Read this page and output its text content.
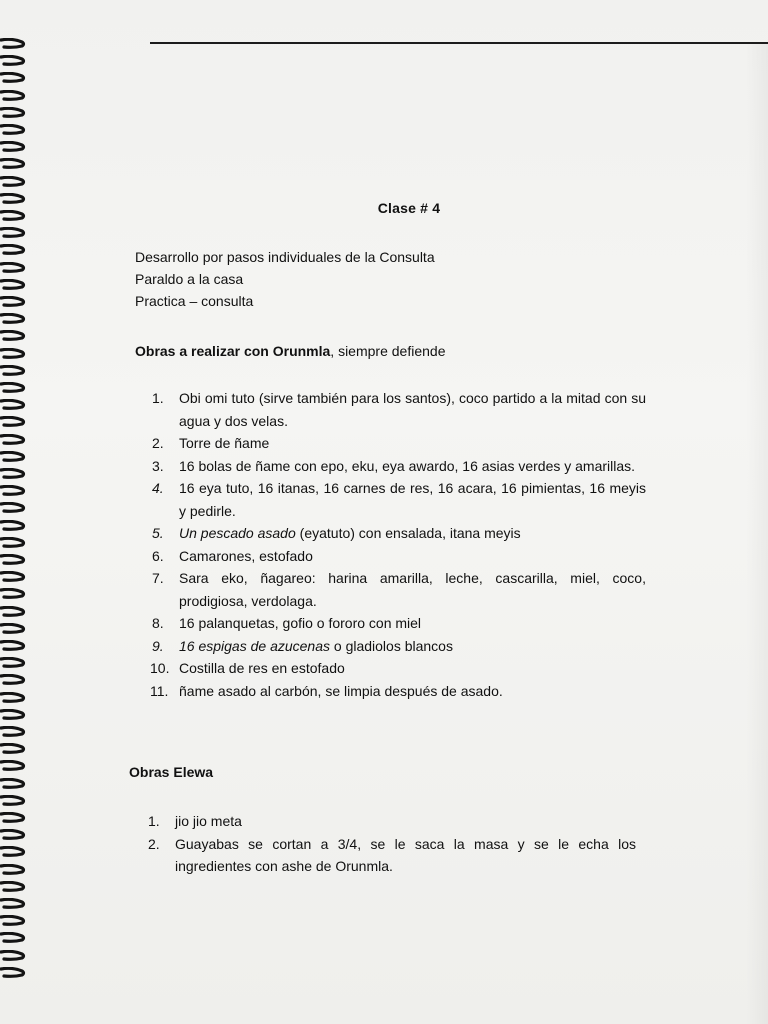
Clase # 4
Desarrollo por pasos individuales de la Consulta
Paraldo a la casa
Practica – consulta
Obras a realizar con Orunmla, siempre defiende
1. Obi omi tuto (sirve también para los santos), coco partido a la mitad con su agua y dos velas.
2. Torre de ñame
3. 16 bolas de ñame con epo, eku, eya awardo, 16 asias verdes y amarillas.
4. 16 eya tuto, 16 itanas, 16 carnes de res, 16 acara, 16 pimientas, 16 meyis y pedirle.
5. Un pescado asado (eyatuto) con ensalada, itana meyis
6. Camarones, estofado
7. Sara eko, ñagareo: harina amarilla, leche, cascarilla, miel, coco, prodigiosa, verdolaga.
8. 16 palanquetas, gofio o fororo con miel
9. 16 espigas de azucenas o gladiolos blancos
10. Costilla de res en estofado
11. ñame asado al carbón, se limpia después de asado.
Obras Elewa
1. jio jio meta
2. Guayabas se cortan a 3/4, se le saca la masa y se le echa los ingredientes con ashe de Orunmla.
